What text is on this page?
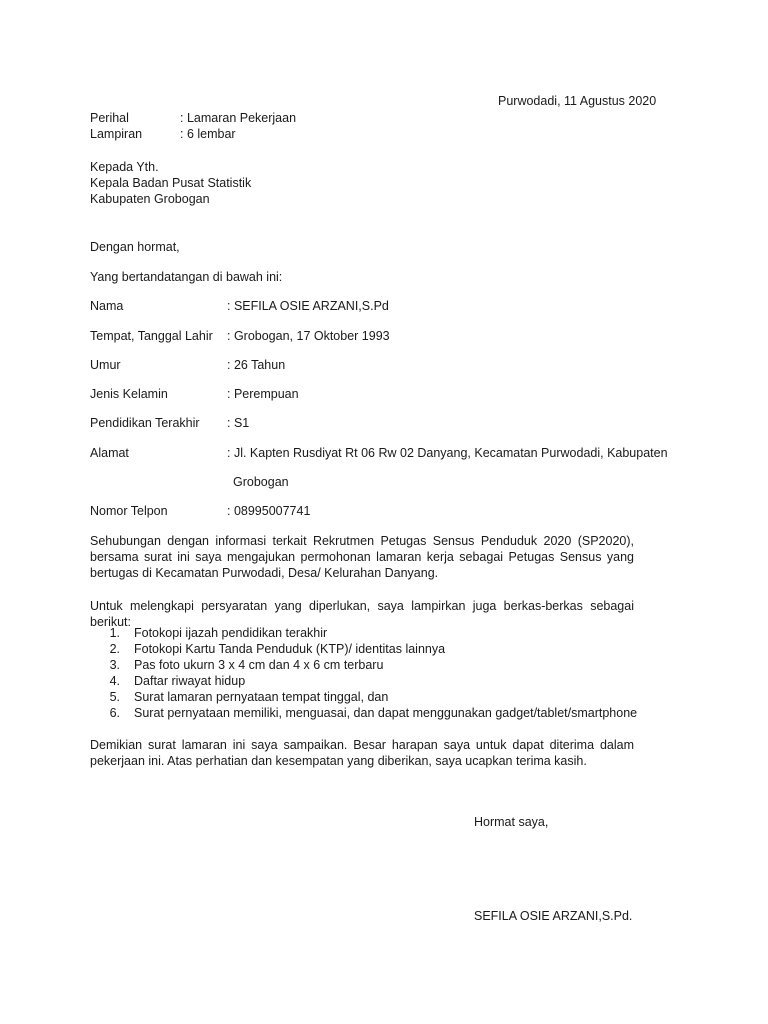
Purwodadi, 11 Agustus 2020
Perihal	: Lamaran Pekerjaan
Lampiran	: 6 lembar
Kepada Yth.
Kepala Badan Pusat Statistik
Kabupaten Grobogan
Dengan hormat,
Yang bertandatangan di bawah ini:
Nama	: SEFILA OSIE ARZANI,S.Pd
Tempat, Tanggal Lahir : Grobogan, 17 Oktober 1993
Umur	: 26 Tahun
Jenis Kelamin	: Perempuan
Pendidikan Terakhir : S1
Alamat	: Jl. Kapten Rusdiyat Rt 06 Rw 02 Danyang, Kecamatan Purwodadi, Kabupaten
Grobogan
Nomor Telpon	: 08995007741
Sehubungan dengan informasi terkait Rekrutmen Petugas Sensus Penduduk 2020 (SP2020), bersama surat ini saya mengajukan permohonan lamaran kerja sebagai Petugas Sensus yang bertugas di Kecamatan Purwodadi, Desa/ Kelurahan Danyang.
Untuk melengkapi persyaratan yang diperlukan, saya lampirkan juga berkas-berkas sebagai berikut:
1. Fotokopi ijazah pendidikan terakhir
2. Fotokopi Kartu Tanda Penduduk (KTP)/ identitas lainnya
3. Pas foto ukurn 3 x 4 cm dan 4 x 6 cm terbaru
4. Daftar riwayat hidup
5. Surat lamaran pernyataan tempat tinggal, dan
6. Surat pernyataan memiliki, menguasai, dan dapat menggunakan gadget/tablet/smartphone
Demikian surat lamaran ini saya sampaikan. Besar harapan saya untuk dapat diterima dalam pekerjaan ini. Atas perhatian dan kesempatan yang diberikan, saya ucapkan terima kasih.
Hormat saya,
SEFILA OSIE ARZANI,S.Pd.
